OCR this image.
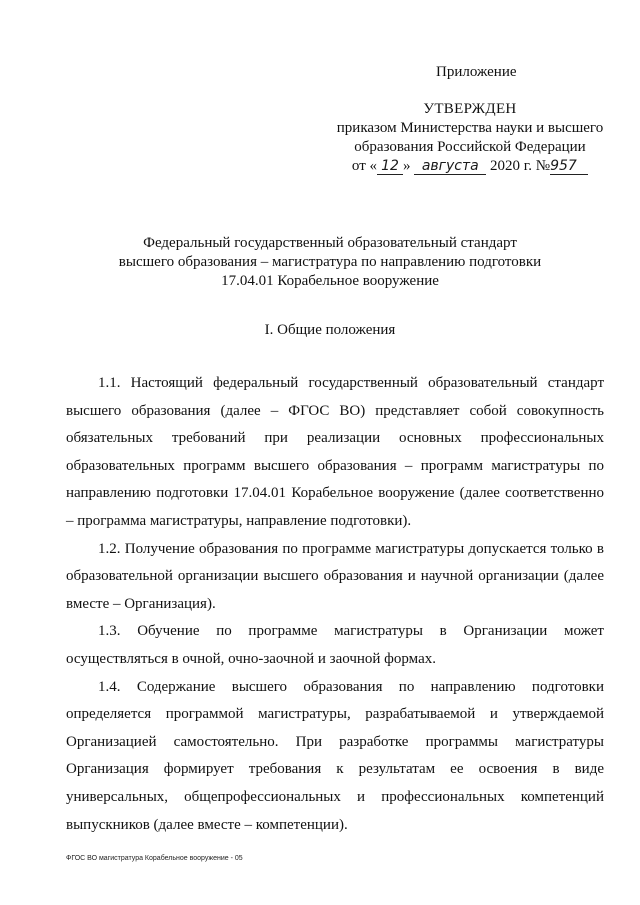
Приложение
УТВЕРЖДЕН
приказом Министерства науки и высшего
образования Российской Федерации
от « 12 » августа 2020 г. №957
Федеральный государственный образовательный стандарт
высшего образования – магистратура по направлению подготовки
17.04.01 Корабельное вооружение
I. Общие положения

1.1. Настоящий федеральный государственный образовательный стандарт высшего образования (далее – ФГОС ВО) представляет собой совокупность обязательных требований при реализации основных профессиональных образовательных программ высшего образования – программ магистратуры по направлению подготовки 17.04.01 Корабельное вооружение (далее соответственно – программа магистратуры, направление подготовки).

1.2. Получение образования по программе магистратуры допускается только в образовательной организации высшего образования и научной организации (далее вместе – Организация).

1.3. Обучение по программе магистратуры в Организации может осуществляться в очной, очно-заочной и заочной формах.

1.4. Содержание высшего образования по направлению подготовки определяется программой магистратуры, разрабатываемой и утверждаемой Организацией самостоятельно. При разработке программы магистратуры Организация формирует требования к результатам ее освоения в виде универсальных, общепрофессиональных и профессиональных компетенций выпускников (далее вместе – компетенции).

ФГОС ВО магистратура Корабельное вооружение - 05
